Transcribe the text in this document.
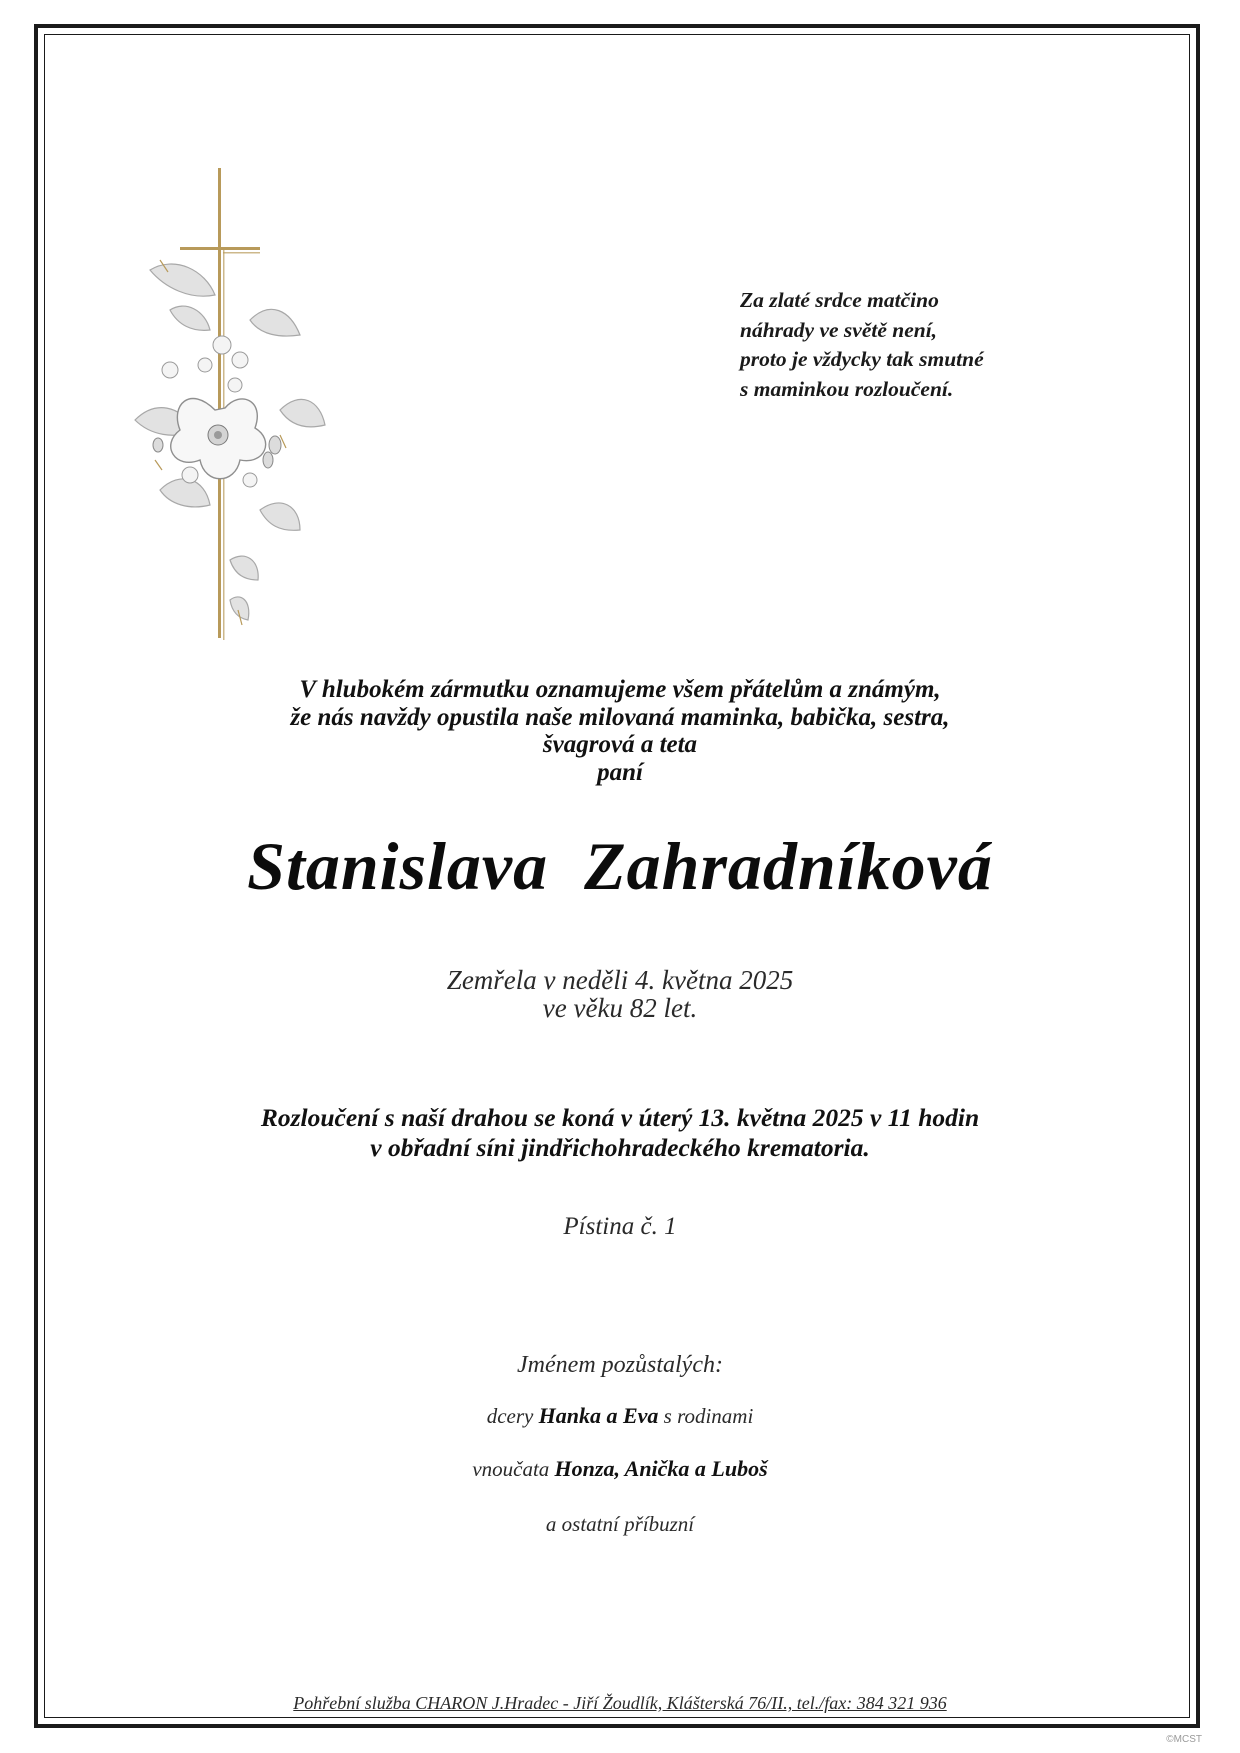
Za zlaté srdce matčino
náhrady ve světě není,
proto je vždycky tak smutné
s maminkou rozloučení.
V hlubokém zármutku oznamujeme všem přátelům a známým,
že nás navždy opustila naše milovaná maminka, babička, sestra,
švagrová a teta
paní
Stanislava  Zahradníková
Zemřela v neděli 4. května 2025
ve věku 82 let.
Rozloučení s naší drahou se koná v úterý 13. května 2025 v 11 hodin
v obřadní síni jindřichohradeckého krematoria.
Pístina č. 1
Jménem pozůstalých:
dcery Hanka a Eva s rodinami
vnoučata Honza, Anička a Luboš
a ostatní příbuzní
Pohřební služba CHARON J.Hradec - Jiří Žoudlík, Klášterská 76/II., tel./fax: 384 321 936
©MCST
